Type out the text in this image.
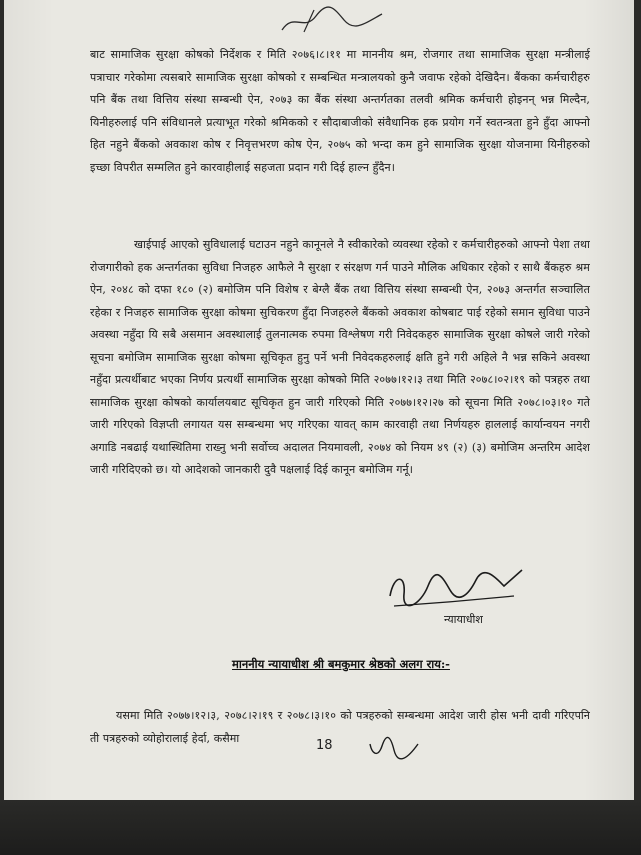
बाट सामाजिक सुरक्षा कोषको निर्देशक र मिति २०७६।८।११ मा माननीय श्रम, रोजगार तथा सामाजिक सुरक्षा मन्त्रीलाई पत्राचार गरेकोमा त्यसबारे सामाजिक सुरक्षा कोषको र सम्बन्धित मन्त्रालयको कुनै जवाफ रहेको देखिदैन। बैंकका कर्मचारीहरु पनि बैंक तथा वित्तिय संस्था सम्बन्धी ऐन, २०७३ का बैंक संस्था अन्तर्गतका तलवी श्रमिक कर्मचारी होइनन् भन्न मिल्दैन, यिनीहरुलाई पनि संविधानले प्रत्याभूत गरेको श्रमिकको र सौदाबाजीको संवैधानिक हक प्रयोग गर्ने स्वतन्त्रता हुने हुँदा आफ्नो हित नहुने बैंकको अवकाश कोष र निवृत्तभरण कोष ऐन, २०७५ को भन्दा कम हुने सामाजिक सुरक्षा योजनामा यिनीहरुको इच्छा विपरीत सम्मलित हुने कारवाहीलाई सहजता प्रदान गरी दिई हाल्न हुँदैन।

खाईपाई आएको सुविधालाई घटाउन नहुने कानूनले नै स्वीकारेको व्यवस्था रहेको र कर्मचारीहरुको आफ्नो पेशा तथा रोजगारीको हक अन्तर्गतका सुविधा निजहरु आफैले नै सुरक्षा र संरक्षण गर्न पाउने मौलिक अधिकार रहेको र साथै बैंकहरु श्रम ऐन, २०४८ को दफा १८० (२) बमोजिम पनि विशेष र बेग्लै बैंक तथा वित्तिय संस्था सम्बन्धी ऐन, २०७३ अन्तर्गत सञ्चालित रहेका र निजहरु सामाजिक सुरक्षा कोषमा सुचिकरण हुँदा निजहरुले बैंकको अवकाश कोषबाट पाई रहेको समान सुविधा पाउने अवस्था नहुँदा यि सबै असमान अवस्थालाई तुलनात्मक रुपमा विश्लेषण गरी निवेदकहरु सामाजिक सुरक्षा कोषले जारी गरेको सूचना बमोजिम सामाजिक सुरक्षा कोषमा सूचिकृत हुनु पर्ने भनी निवेदकहरुलाई क्षति हुने गरी अहिले नै भन्न सकिने अवस्था नहुँदा प्रत्यर्थीबाट भएका निर्णय प्रत्यर्थी सामाजिक सुरक्षा कोषको मिति २०७७।१२।३ तथा मिति २०७८।०२।१९ को पत्रहरु तथा सामाजिक सुरक्षा कोषको कार्यालयबाट सूचिकृत हुन जारी गरिएको मिति २०७७।१२।२७ को सूचना मिति २०७८।०३।१० गते जारी गरिएको विज्ञप्ती लगायत यस सम्बन्धमा भए गरिएका यावत् काम कारवाही तथा निर्णयहरु हाललाई कार्यान्वयन नगरी अगाडि नबढाई यथास्थितिमा राख्नु भनी सर्वोच्च अदालत नियमावली, २०७४ को नियम ४९ (२) (३) बमोजिम अन्तरिम आदेश जारी गरिदिएको छ। यो आदेशको जानकारी दुवै पक्षलाई दिई कानून बमोजिम गर्नू।

न्यायाधीश
माननीय न्यायाधीश श्री बमकुमार श्रेष्ठको अलग राय:-

यसमा मिति २०७७।१२।३, २०७८।२।१९ र २०७८।३।१० को पत्रहरुको सम्बन्धमा आदेश जारी होस भनी दावी गरिएपनि ती पत्रहरुको व्योहोरालाई हेर्दा, कसैमा	18
